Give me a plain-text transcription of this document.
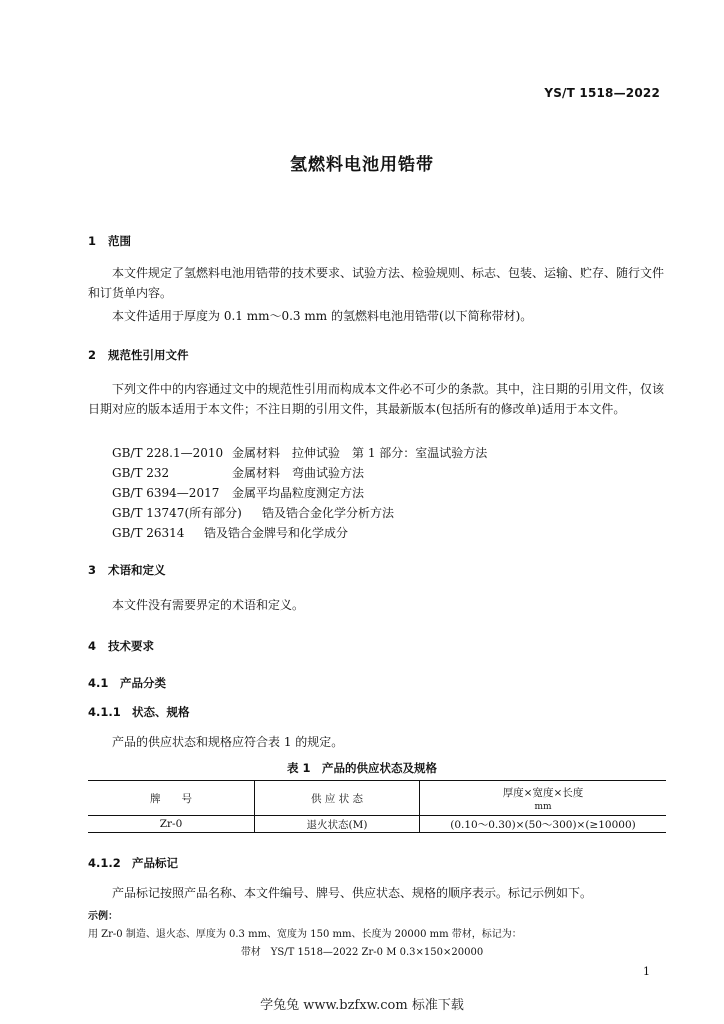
YS/T 1518—2022
氢燃料电池用锆带
1 范围
本文件规定了氢燃料电池用锆带的技术要求、试验方法、检验规则、标志、包装、运输、贮存、随行文件和订货单内容。
本文件适用于厚度为 0.1 mm～0.3 mm 的氢燃料电池用锆带(以下简称带材)。
2 规范性引用文件
下列文件中的内容通过文中的规范性引用而构成本文件必不可少的条款。其中，注日期的引用文件，仅该日期对应的版本适用于本文件；不注日期的引用文件，其最新版本(包括所有的修改单)适用于本文件。
GB/T 228.1—2010 金属材料　拉伸试验　第 1 部分：室温试验方法
GB/T 232	金属材料　弯曲试验方法
GB/T 6394—2017 金属平均晶粒度测定方法
GB/T 13747(所有部分) 锆及锆合金化学分析方法
GB/T 26314 锆及锆合金牌号和化学成分
3 术语和定义
本文件没有需要界定的术语和定义。
4 技术要求
4.1 产品分类
4.1.1 状态、规格
产品的供应状态和规格应符合表 1 的规定。
表 1　产品的供应状态及规格
牌　　号	供 应 状 态	厚度×宽度×长度
mm

Zr-0	退火状态(M)	(0.10～0.30)×(50～300)×(≥10000)
4.1.2 产品标记
产品标记按照产品名称、本文件编号、牌号、供应状态、规格的顺序表示。标记示例如下。
示例：
用 Zr-0 制造、退火态、厚度为 0.3 mm、宽度为 150 mm、长度为 20000 mm 带材，标记为：
带材　YS/T 1518—2022 Zr-0 M 0.3×150×20000
1
学兔兔 www.bzfxw.com 标准下载
